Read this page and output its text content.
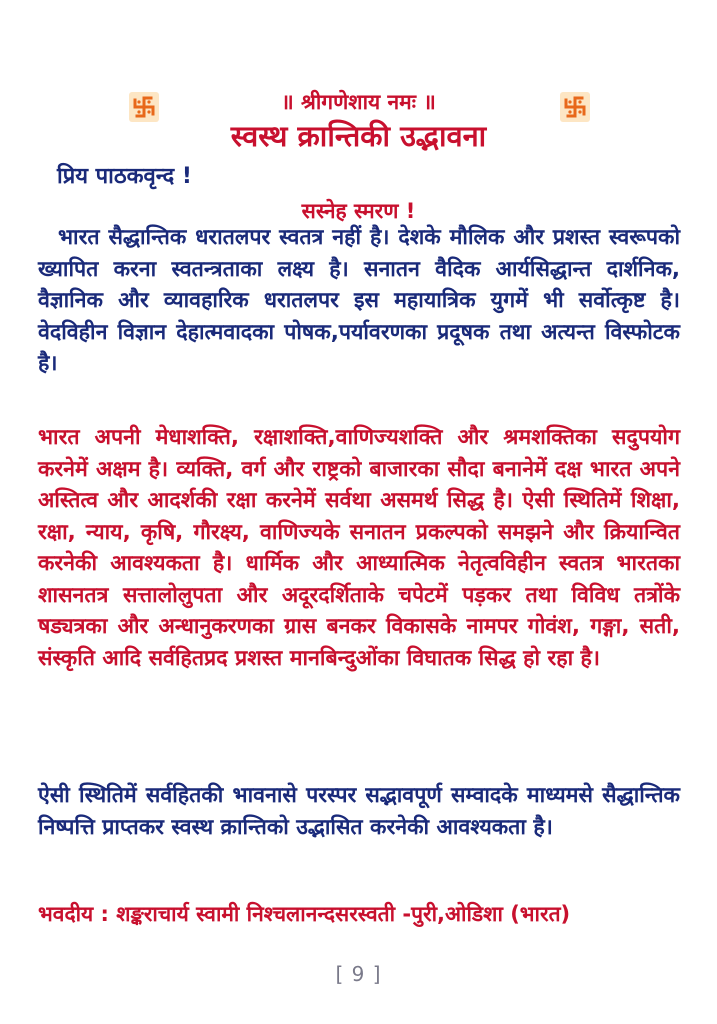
॥ श्रीगणेशाय नमः ॥
स्वस्थ क्रान्तिकी उद्भावना
प्रिय पाठकवृन्द !
सस्नेह स्मरण !

भारत सैद्धान्तिक धरातलपर स्वतत्र नहीं है। देशके मौलिक और प्रशस्त स्वरूपको ख्यापित करना स्वतन्त्रताका लक्ष्य है। सनातन वैदिक आर्यसिद्धान्त दार्शनिक, वैज्ञानिक और व्यावहारिक धरातलपर इस महायात्रिक युगमें भी सर्वोत्कृष्ट है। वेदविहीन विज्ञान देहात्मवादका पोषक,पर्यावरणका प्रदूषक तथा अत्यन्त विस्फोटक है।

भारत अपनी मेधाशक्ति, रक्षाशक्ति,वाणिज्यशक्ति और श्रमशक्तिका सदुपयोग करनेमें अक्षम है। व्यक्ति, वर्ग और राष्ट्रको बाजारका सौदा बनानेमें दक्ष भारत अपने अस्तित्व और आदर्शकी रक्षा करनेमें सर्वथा असमर्थ सिद्ध है। ऐसी स्थितिमें शिक्षा, रक्षा, न्याय, कृषि, गौरक्ष्य, वाणिज्यके सनातन प्रकल्पको समझने और क्रियान्वित करनेकी आवश्यकता है। धार्मिक और आध्यात्मिक नेतृत्वविहीन स्वतत्र भारतका शासनतत्र सत्तालोलुपता और अदूरदर्शिताके चपेटमें पड़कर तथा विविध तत्रोंके षड्यत्रका और अन्धानुकरणका ग्रास बनकर विकासके नामपर गोवंश, गङ्गा, सती, संस्कृति आदि सर्वहितप्रद प्रशस्त मानबिन्दुओंका विघातक सिद्ध हो रहा है।

ऐसी स्थितिमें सर्वहितकी भावनासे परस्पर सद्भावपूर्ण सम्वादके माध्यमसे सैद्धान्तिक निष्पत्ति प्राप्तकर स्वस्थ क्रान्तिको उद्भासित करनेकी आवश्यकता है।

भवदीय : शङ्कराचार्य स्वामी निश्चलानन्दसरस्वती -पुरी,ओडिशा (भारत)
[ 9 ]
